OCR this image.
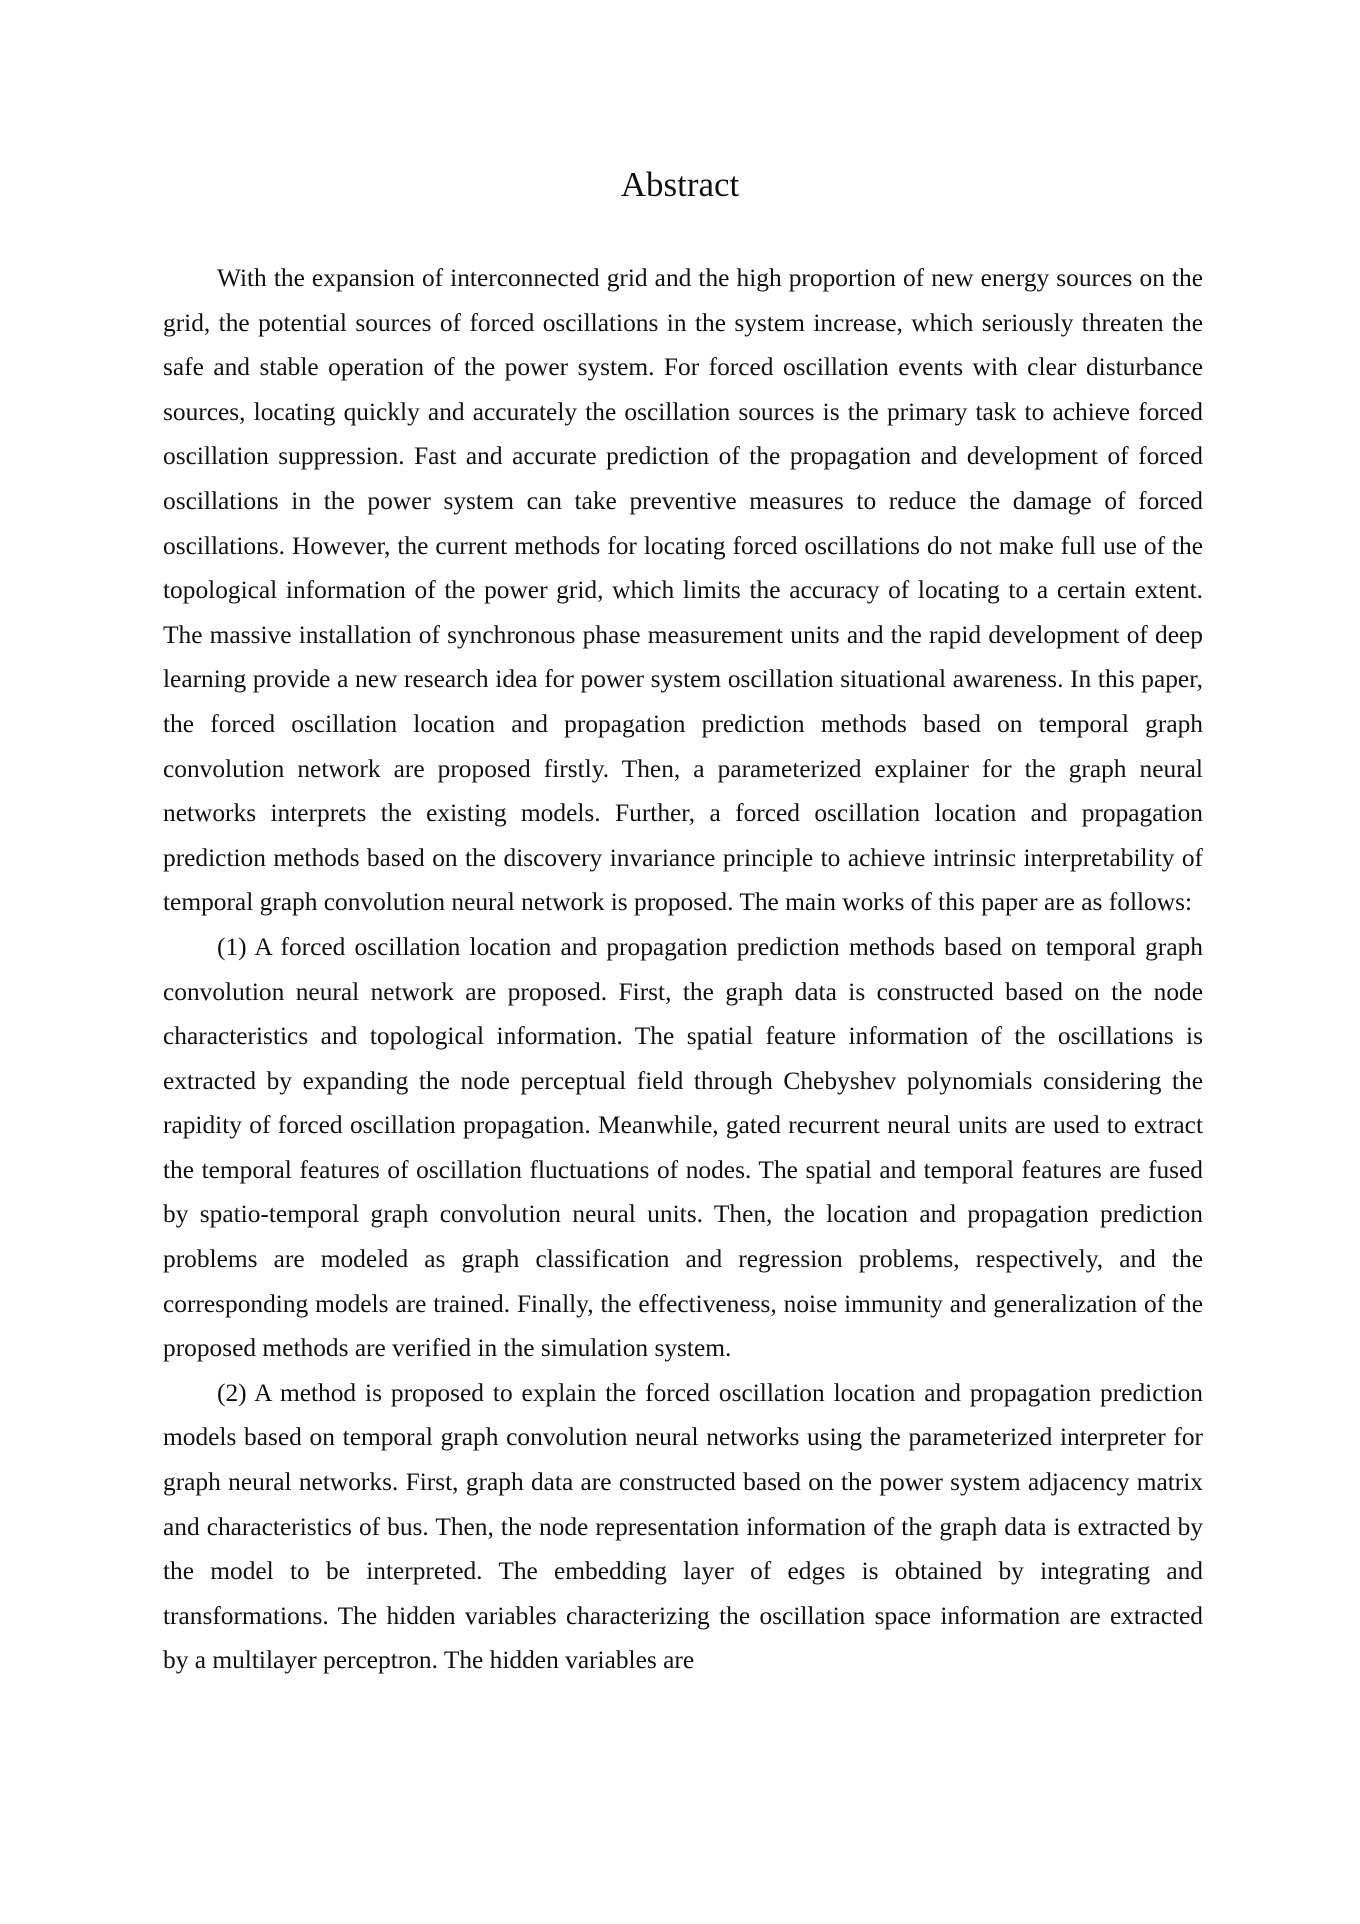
Abstract

With the expansion of interconnected grid and the high proportion of new energy sources on the grid, the potential sources of forced oscillations in the system increase, which seriously threaten the safe and stable operation of the power system. For forced oscillation events with clear disturbance sources, locating quickly and accurately the oscillation sources is the primary task to achieve forced oscillation suppression. Fast and accurate prediction of the propagation and development of forced oscillations in the power system can take preventive measures to reduce the damage of forced oscillations. However, the current methods for locating forced oscillations do not make full use of the topological information of the power grid, which limits the accuracy of locating to a certain extent. The massive installation of synchronous phase measurement units and the rapid development of deep learning provide a new research idea for power system oscillation situational awareness. In this paper, the forced oscillation location and propagation prediction methods based on temporal graph convolution network are proposed firstly. Then, a parameterized explainer for the graph neural networks interprets the existing models. Further, a forced oscillation location and propagation prediction methods based on the discovery invariance principle to achieve intrinsic interpretability of temporal graph convolution neural network is proposed. The main works of this paper are as follows:

(1) A forced oscillation location and propagation prediction methods based on temporal graph convolution neural network are proposed. First, the graph data is constructed based on the node characteristics and topological information. The spatial feature information of the oscillations is extracted by expanding the node perceptual field through Chebyshev polynomials considering the rapidity of forced oscillation propagation. Meanwhile, gated recurrent neural units are used to extract the temporal features of oscillation fluctuations of nodes. The spatial and temporal features are fused by spatio-temporal graph convolution neural units. Then, the location and propagation prediction problems are modeled as graph classification and regression problems, respectively, and the corresponding models are trained. Finally, the effectiveness, noise immunity and generalization of the proposed methods are verified in the simulation system.

(2) A method is proposed to explain the forced oscillation location and propagation prediction models based on temporal graph convolution neural networks using the parameterized interpreter for graph neural networks. First, graph data are constructed based on the power system adjacency matrix and characteristics of bus. Then, the node representation information of the graph data is extracted by the model to be interpreted. The embedding layer of edges is obtained by integrating and transformations. The hidden variables characterizing the oscillation space information are extracted by a multilayer perceptron. The hidden variables are
